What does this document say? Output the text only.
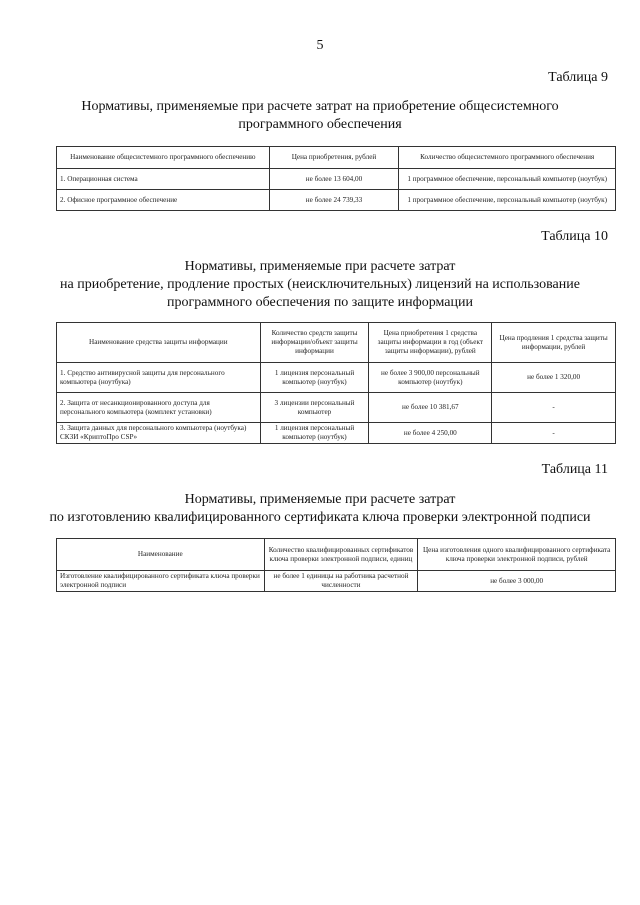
5
Таблица 9
Нормативы, применяемые при расчете затрат на приобретение общесистемного
программного обеспечения
Наименование общесистемного программного обеспечению	Цена приобретения, рублей	Количество общесистемного программного обеспечения
1. Операционная система	не более 13 604,00	1 программное обеспечение, персональный компьютер (ноутбук)
2. Офисное программное обеспечение	не более 24 739,33	1 программное обеспечение, персональный компьютер (ноутбук)
Таблица 10
Нормативы, применяемые при расчете затрат
на приобретение, продление простых (неисключительных) лицензий на использование
программного обеспечения по защите информации
Наименование средства защиты информации	Количество средств защиты информации/объект защиты информации	Цена приобретения 1 средства защиты информации в год (объект защиты информации), рублей	Цена продления 1 средства защиты информации, рублей
1. Средство антивирусной защиты для персонального компьютера (ноутбука)	1 лицензия персональный компьютер (ноутбук)	не более 3 900,00 персональный компьютер (ноутбук)	не более 1 320,00
2. Защита от несанкционированного доступа для персонального компьютера (комплект установки)	3 лицензии персональный компьютер	не более 10 381,67	-
3. Защита данных для персонального компьютера (ноутбука) СКЗИ «КриптоПро CSP»	1 лицензия персональный компьютер (ноутбук)	не более 4 250,00	-
Таблица 11
Нормативы, применяемые при расчете затрат
по изготовлению квалифицированного сертификата ключа проверки электронной подписи
Наименование	Количество квалифицированных сертификатов ключа проверки электронной подписи, единиц	Цена изготовления одного квалифицированного сертификата ключа проверки электронной подписи, рублей
Изготовление квалифицированного сертификата ключа проверки электронной подписи	не более 1 единицы на работника расчетной численности	не более 3 000,00
